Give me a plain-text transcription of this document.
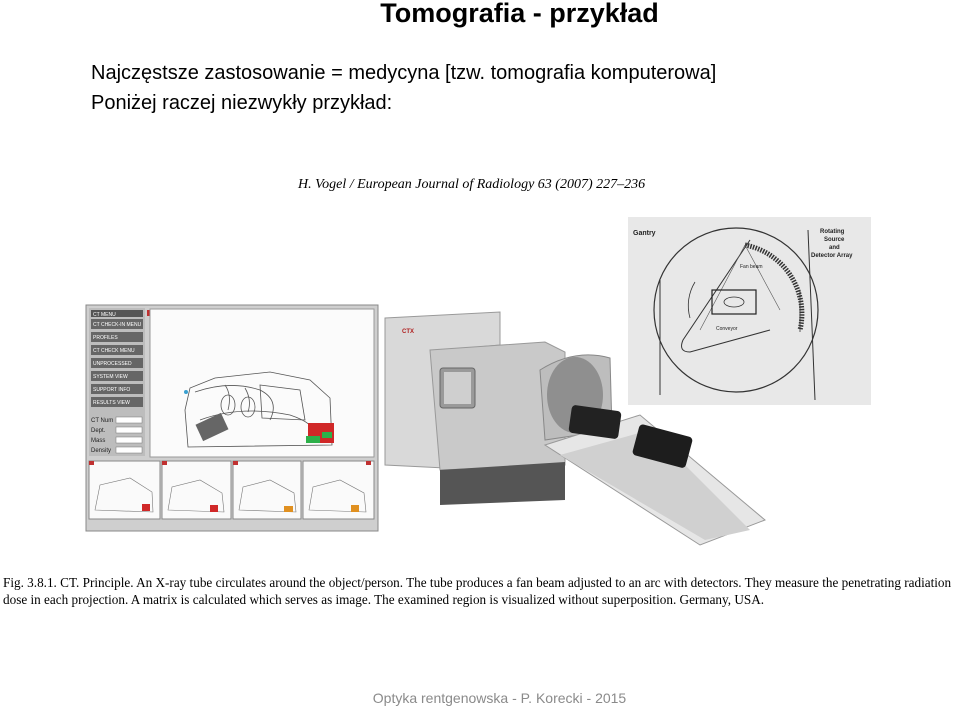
Tomografia - przykład
Najczęstsze zastosowanie = medycyna [tzw. tomografia komputerowa]
Poniżej raczej niezwykły przykład:
H. Vogel / European Journal of Radiology 63 (2007) 227–236
CT MENU
CT CHECK-IN MENU
PROFILES
CT CHECK MENU
UNPROCESSED
SYSTEM VIEW
SUPPORT INFO
RESULTS VIEW
CT Num
Dept.
Mass
Density
Gantry	Rotating
Source
and
Detector Array
Fan beam
Conveyor
CTX
Fig. 3.8.1. CT. Principle. An X-ray tube circulates around the object/person. The tube produces a fan beam adjusted to an arc with detectors. They measure the penetrating radiation dose in each projection. A matrix is calculated which serves as image. The examined region is visualized without superposition. Germany, USA.
Optyka rentgenowska - P. Korecki - 2015
